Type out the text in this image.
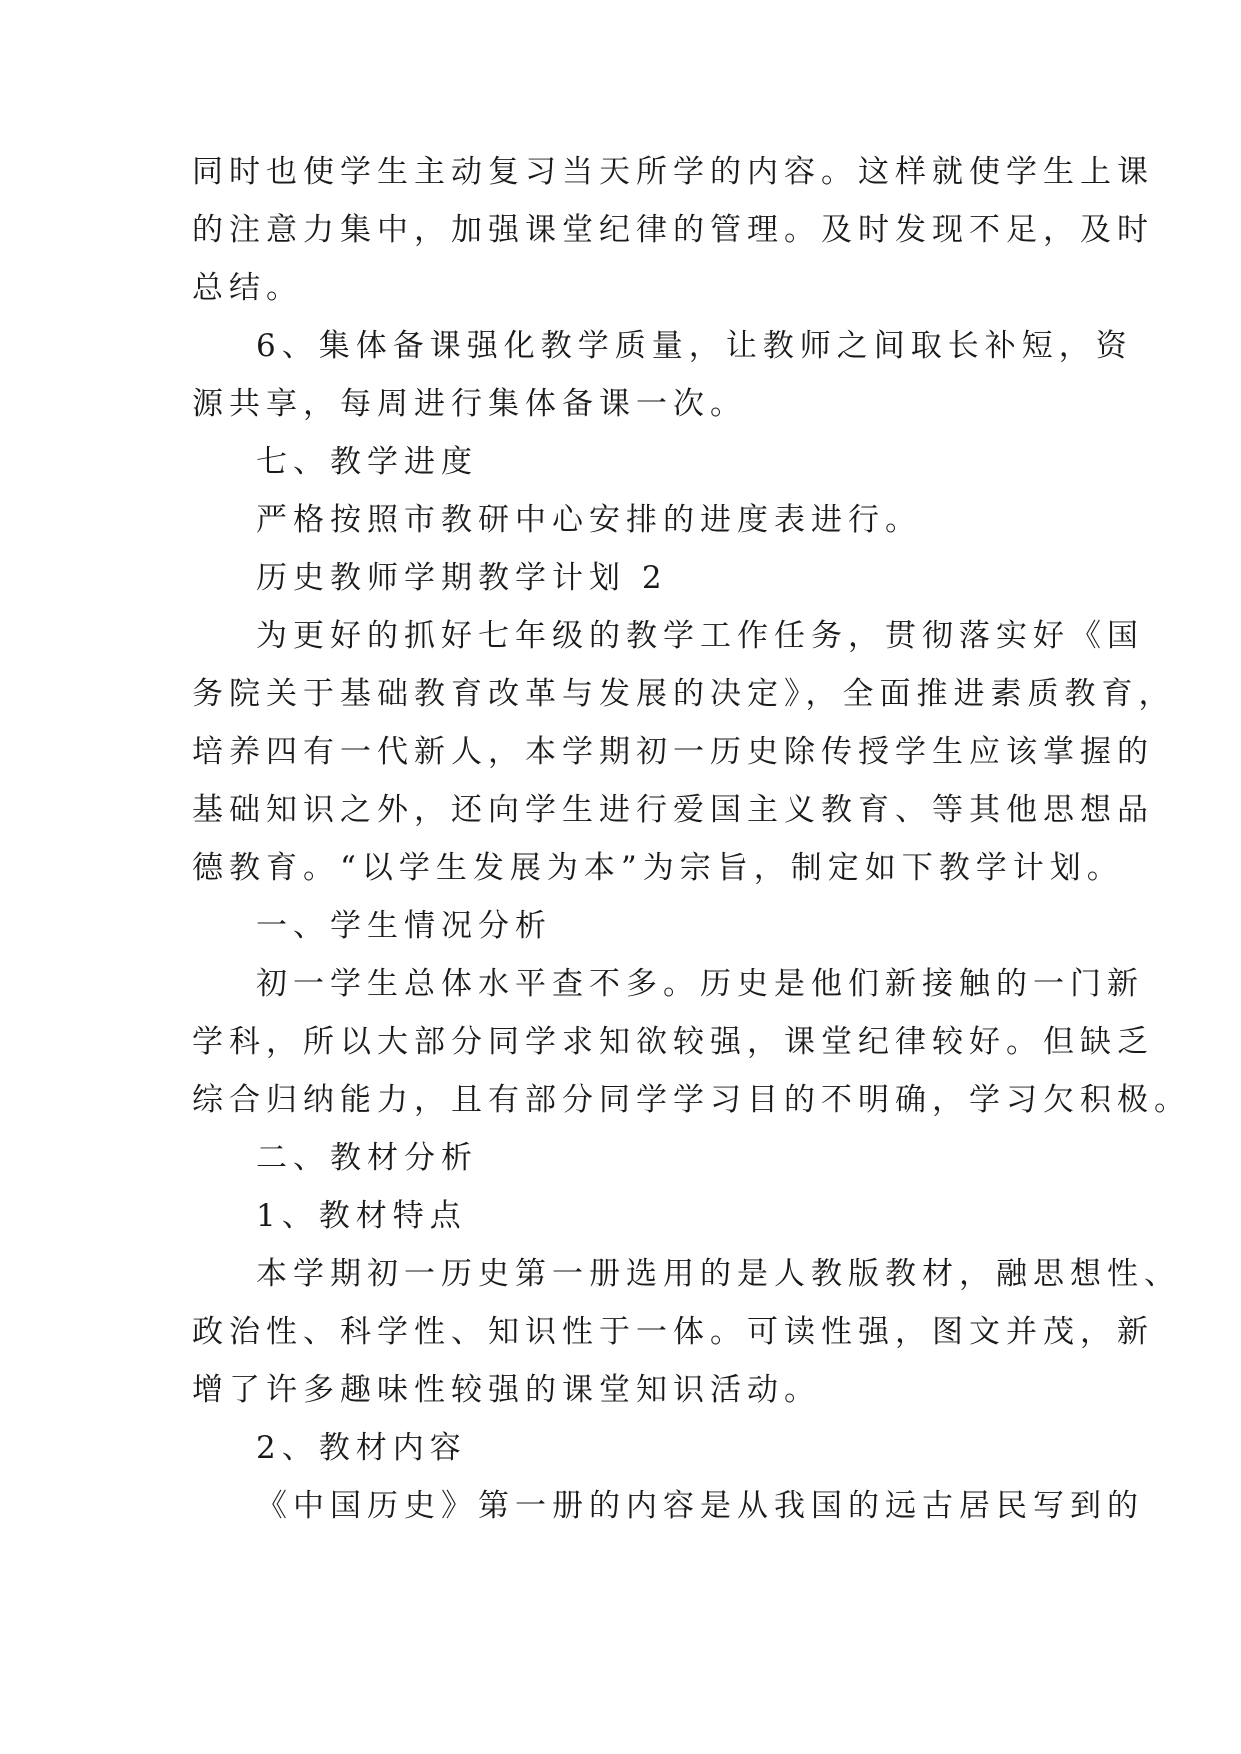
同时也使学生主动复习当天所学的内容。这样就使学生上课
的注意力集中，加强课堂纪律的管理。及时发现不足，及时
总结。
6、集体备课强化教学质量，让教师之间取长补短，资
源共享，每周进行集体备课一次。
七、教学进度
严格按照市教研中心安排的进度表进行。
历史教师学期教学计划 2
为更好的抓好七年级的教学工作任务，贯彻落实好《国
务院关于基础教育改革与发展的决定》，全面推进素质教育，
培养四有一代新人，本学期初一历史除传授学生应该掌握的
基础知识之外，还向学生进行爱国主义教育、等其他思想品
德教育。“以学生发展为本”为宗旨，制定如下教学计划。
一、学生情况分析
初一学生总体水平查不多。历史是他们新接触的一门新
学科，所以大部分同学求知欲较强，课堂纪律较好。但缺乏
综合归纳能力，且有部分同学学习目的不明确，学习欠积极。
二、教材分析
1、教材特点
本学期初一历史第一册选用的是人教版教材，融思想性、
政治性、科学性、知识性于一体。可读性强，图文并茂，新
增了许多趣味性较强的课堂知识活动。
2、教材内容
《中国历史》第一册的内容是从我国的远古居民写到的
